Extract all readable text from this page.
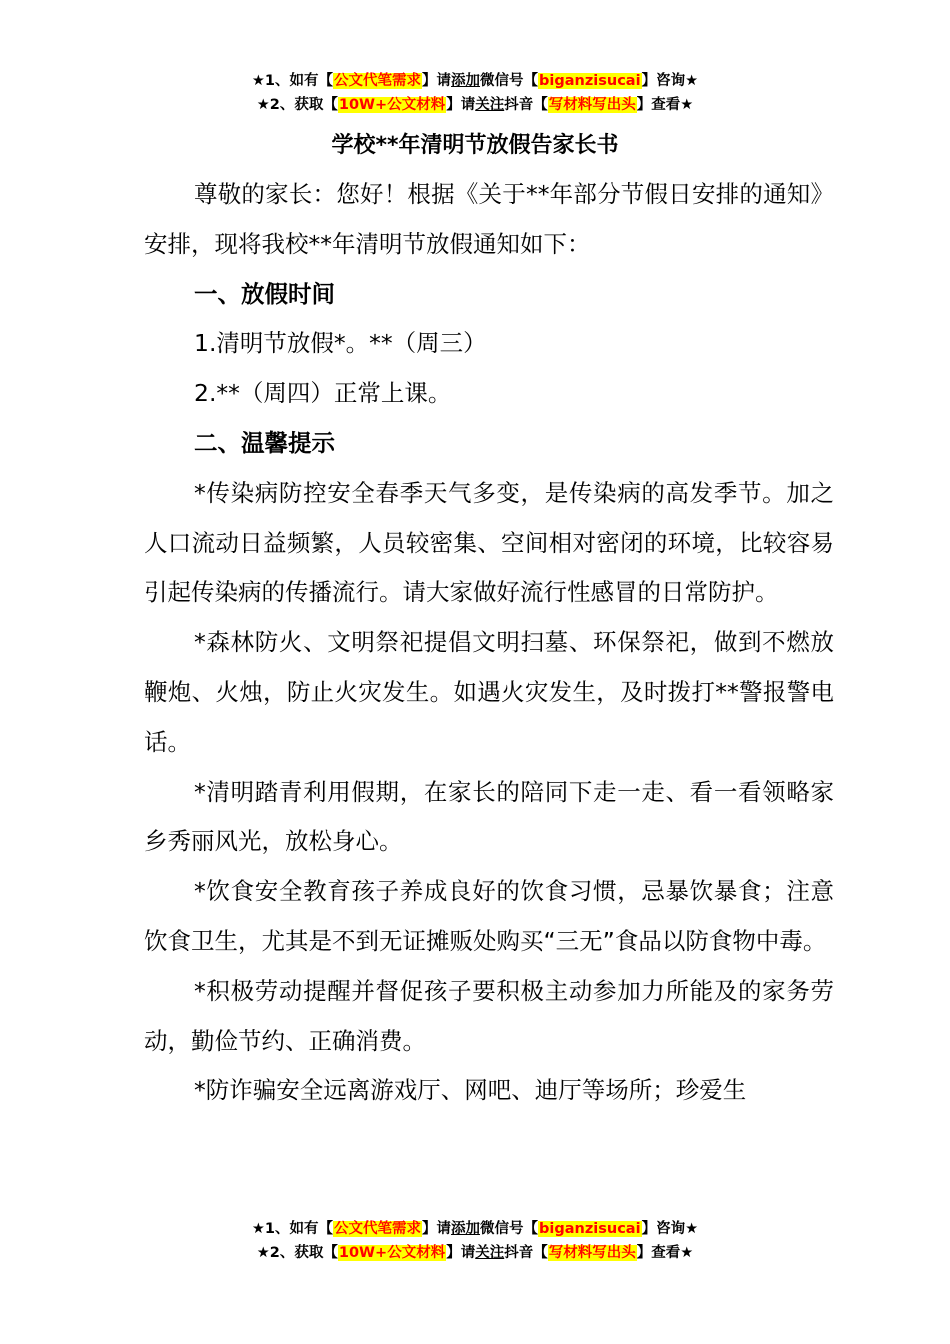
★1、如有【公文代笔需求】请添加微信号【biganzisucai】咨询★
★2、获取【10W+公文材料】请关注抖音【写材料写出头】查看★
学校**年清明节放假告家长书

尊敬的家长：您好！根据《关于**年部分节假日安排的通知》安排，现将我校**年清明节放假通知如下：

一、放假时间

1.清明节放假*。**（周三）

2.**（周四）正常上课。

二、温馨提示

*传染病防控安全春季天气多变，是传染病的高发季节。加之人口流动日益频繁，人员较密集、空间相对密闭的环境，比较容易引起传染病的传播流行。请大家做好流行性感冒的日常防护。

*森林防火、文明祭祀提倡文明扫墓、环保祭祀，做到不燃放鞭炮、火烛，防止火灾发生。如遇火灾发生，及时拨打**警报警电话。

*清明踏青利用假期，在家长的陪同下走一走、看一看领略家乡秀丽风光，放松身心。

*饮食安全教育孩子养成良好的饮食习惯，忌暴饮暴食；注意饮食卫生，尤其是不到无证摊贩处购买“三无”食品以防食物中毒。

*积极劳动提醒并督促孩子要积极主动参加力所能及的家务劳动，勤俭节约、正确消费。

*防诈骗安全远离游戏厅、网吧、迪厅等场所；珍爱生

★1、如有【公文代笔需求】请添加微信号【biganzisucai】咨询★
★2、获取【10W+公文材料】请关注抖音【写材料写出头】查看★
